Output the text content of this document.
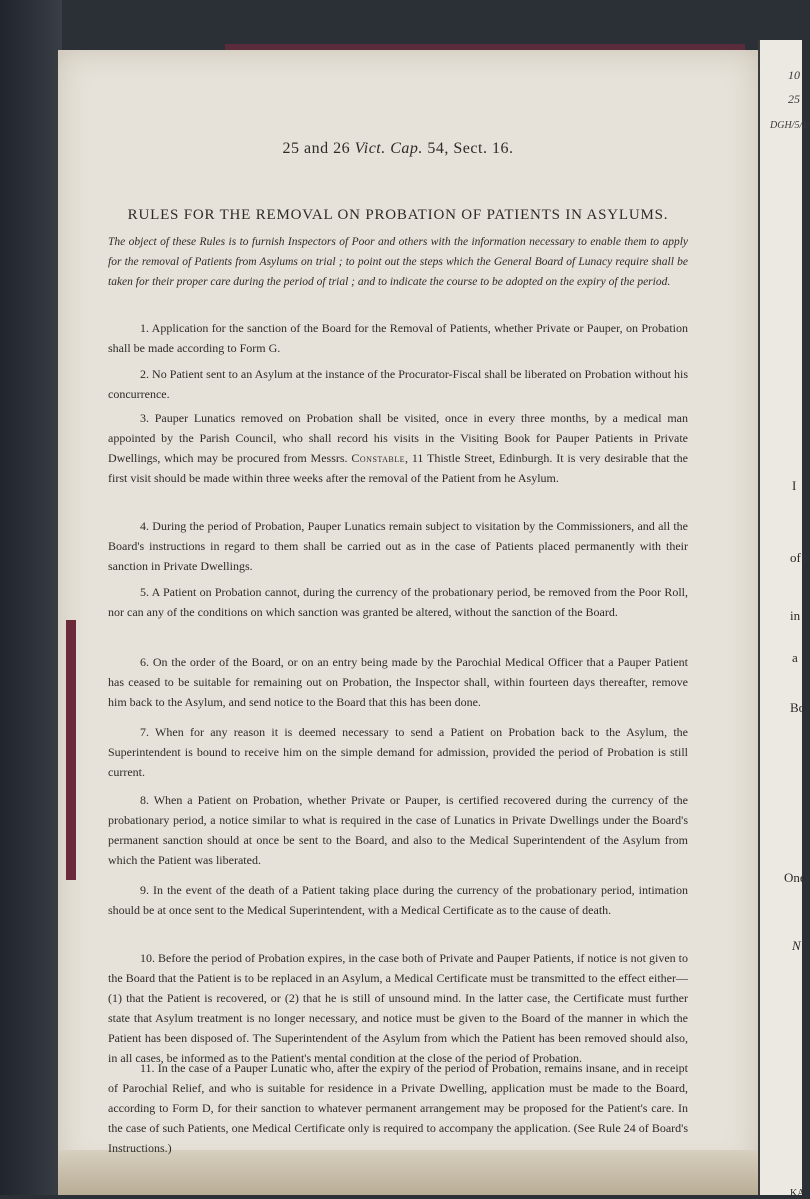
10
25
DGH/5/1/
I
of
in
a
Bo
One
N
KA
25 and 26 Vict. Cap. 54, Sect. 16.
RULES FOR THE REMOVAL ON PROBATION OF PATIENTS IN ASYLUMS.
The object of these Rules is to furnish Inspectors of Poor and others with the information necessary to enable them to apply for the removal of Patients from Asylums on trial ; to point out the steps which the General Board of Lunacy require shall be taken for their proper care during the period of trial ; and to indicate the course to be adopted on the expiry of the period.
1. Application for the sanction of the Board for the Removal of Patients, whether Private or Pauper, on Probation shall be made according to Form G.
2. No Patient sent to an Asylum at the instance of the Procurator-Fiscal shall be liberated on Probation without his concurrence.
3. Pauper Lunatics removed on Probation shall be visited, once in every three months, by a medical man appointed by the Parish Council, who shall record his visits in the Visiting Book for Pauper Patients in Private Dwellings, which may be procured from Messrs. Constable, 11 Thistle Street, Edinburgh. It is very desirable that the first visit should be made within three weeks after the removal of the Patient from he Asylum.
4. During the period of Probation, Pauper Lunatics remain subject to visitation by the Commissioners, and all the Board's instructions in regard to them shall be carried out as in the case of Patients placed permanently with their sanction in Private Dwellings.
5. A Patient on Probation cannot, during the currency of the probationary period, be removed from the Poor Roll, nor can any of the conditions on which sanction was granted be altered, without the sanction of the Board.
6. On the order of the Board, or on an entry being made by the Parochial Medical Officer that a Pauper Patient has ceased to be suitable for remaining out on Probation, the Inspector shall, within fourteen days thereafter, remove him back to the Asylum, and send notice to the Board that this has been done.
7. When for any reason it is deemed necessary to send a Patient on Probation back to the Asylum, the Superintendent is bound to receive him on the simple demand for admission, provided the period of Probation is still current.
8. When a Patient on Probation, whether Private or Pauper, is certified recovered during the currency of the probationary period, a notice similar to what is required in the case of Lunatics in Private Dwellings under the Board's permanent sanction should at once be sent to the Board, and also to the Medical Superintendent of the Asylum from which the Patient was liberated.
9. In the event of the death of a Patient taking place during the currency of the probationary period, intimation should be at once sent to the Medical Superintendent, with a Medical Certificate as to the cause of death.
10. Before the period of Probation expires, in the case both of Private and Pauper Patients, if notice is not given to the Board that the Patient is to be replaced in an Asylum, a Medical Certificate must be transmitted to the effect either—(1) that the Patient is recovered, or (2) that he is still of unsound mind. In the latter case, the Certificate must further state that Asylum treatment is no longer necessary, and notice must be given to the Board of the manner in which the Patient has been disposed of. The Superintendent of the Asylum from which the Patient has been removed should also, in all cases, be informed as to the Patient's mental condition at the close of the period of Probation.
11. In the case of a Pauper Lunatic who, after the expiry of the period of Probation, remains insane, and in receipt of Parochial Relief, and who is suitable for residence in a Private Dwelling, application must be made to the Board, according to Form D, for their sanction to whatever permanent arrangement may be proposed for the Patient's care. In the case of such Patients, one Medical Certificate only is required to accompany the application. (See Rule 24 of Board's Instructions.)
